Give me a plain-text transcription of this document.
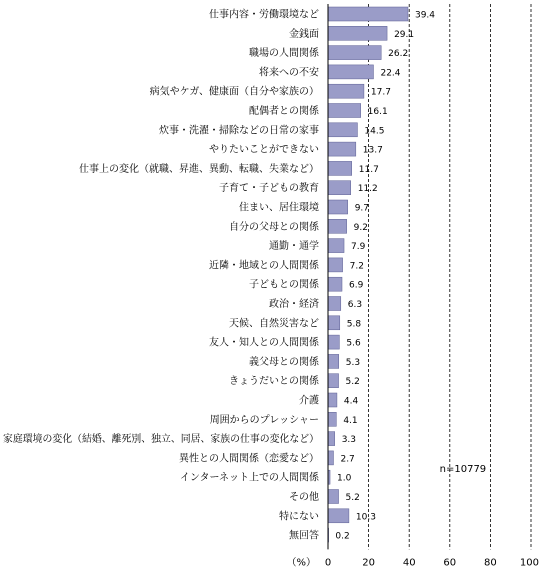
仕事内容・労働環境など
金銭面
職場の人間関係
将来への不安
病気やケガ、健康面（自分や家族の）
配偶者との関係
炊事・洗濯・掃除などの日常の家事
やりたいことができない
仕事上の変化（就職、昇進、異動、転職、失業など）
子育て・子どもの教育
住まい、居住環境
自分の父母との関係
通勤・通学
近隣・地域との人間関係
子どもとの関係
政治・経済
天候、自然災害など
友人・知人との人間関係
義父母との関係
きょうだいとの関係
介護
周囲からのプレッシャー
家庭環境の変化（結婚、離死別、独立、同居、家族の仕事の変化など）
異性との人間関係（恋愛など）
インターネット上での人間関係
その他
特にない
無回答
39.4
29.1
26.2
22.4
17.7
16.1
14.5
13.7
11.7
11.2
9.7
9.2
7.9
7.2
6.9
6.3
5.8
5.6
5.3
5.2
4.4
4.1
3.3
2.7
1.0
5.2
10.3
0.2
0	20	40	60	80 100
（%）
n=10779
